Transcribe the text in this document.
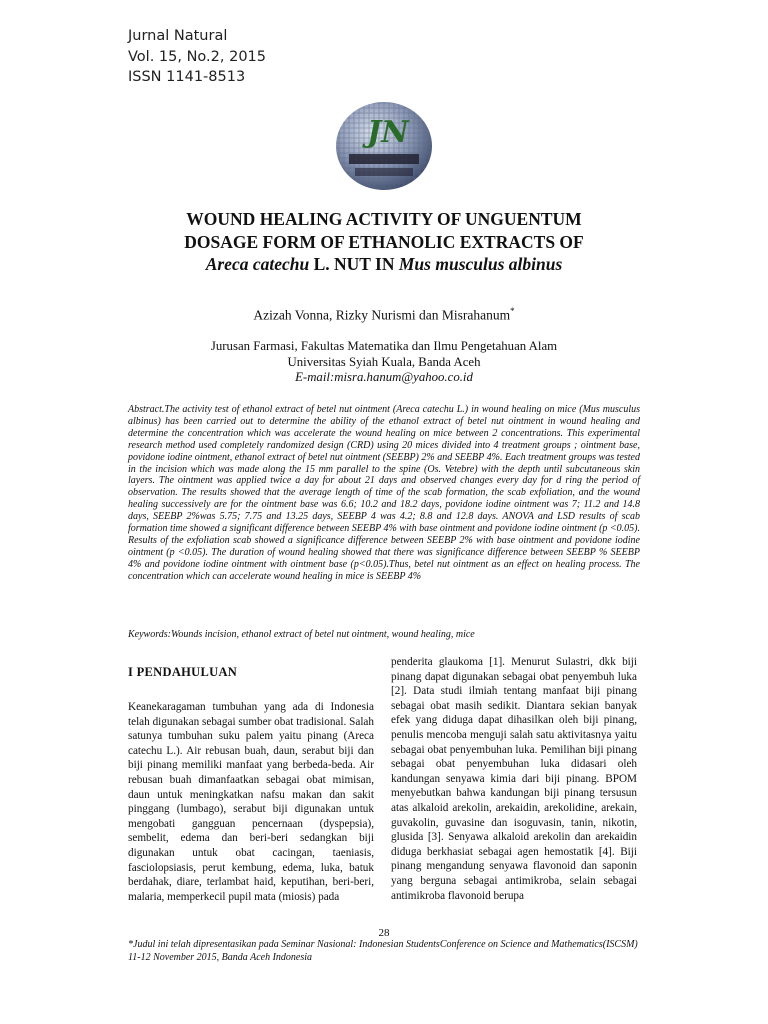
Jurnal Natural
Vol. 15, No.2, 2015
ISSN 1141-8513
JN
WOUND HEALING ACTIVITY OF UNGUENTUM
DOSAGE FORM OF ETHANOLIC EXTRACTS OF
Areca catechu L. NUT IN Mus musculus albinus
Azizah Vonna, Rizky Nurismi dan Misrahanum*
Jurusan Farmasi, Fakultas Matematika dan Ilmu Pengetahuan Alam
Universitas Syiah Kuala, Banda Aceh
E-mail:misra.hanum@yahoo.co.id
Abstract.The activity test of ethanol extract of betel nut ointment (Areca catechu L.) in wound healing on mice (Mus musculus albinus) has been carried out to determine the ability of the ethanol extract of betel nut ointment in wound healing and determine the concentration which was accelerate the wound healing on mice between 2 concentrations. This experimental research method used completely randomized design (CRD) using 20 mices divided into 4 treatment groups ; ointment base, povidone iodine ointment, ethanol extract of betel nut ointment (SEEBP) 2% and SEEBP 4%. Each treatment groups was tested in the incision which was made along the 15 mm parallel to the spine (Os. Vetebre) with the depth until subcutaneous skin layers. The ointment was applied twice a day for about 21 days and observed changes every day for d ring the period of observation. The results showed that the average length of time of the scab formation, the scab exfoliation, and the wound healing successively are for the ointment base was 6.6; 10.2 and 18.2 days, povidone iodine ointment was 7; 11.2 and 14.8 days, SEEBP 2%was 5.75; 7.75 and 13.25 days, SEEBP 4 was 4.2; 8.8 and 12.8 days. ANOVA and LSD results of scab formation time showed a significant difference between SEEBP 4% with base ointment and povidone iodine ointment (p <0.05). Results of the exfoliation scab showed a significance difference between SEEBP 2% with base ointment and povidone iodine ointment (p <0.05). The duration of wound healing showed that there was significance difference between SEEBP % SEEBP 4% and povidone iodine ointment with ointment base (p<0.05).Thus, betel nut ointment as an effect on healing process. The concentration which can accelerate wound healing in mice is SEEBP 4%
Keywords:Wounds incision, ethanol extract of betel nut ointment, wound healing, mice
I PENDAHULUAN

Keanekaragaman tumbuhan yang ada di Indonesia telah digunakan sebagai sumber obat tradisional. Salah satunya tumbuhan suku palem yaitu pinang (Areca catechu L.). Air rebusan buah, daun, serabut biji dan biji pinang memiliki manfaat yang berbeda-beda. Air rebusan buah dimanfaatkan sebagai obat mimisan, daun untuk meningkatkan nafsu makan dan sakit pinggang (lumbago), serabut biji digunakan untuk mengobati gangguan pencernaan (dyspepsia), sembelit, edema dan beri-beri sedangkan biji digunakan untuk obat cacingan, taeniasis, fasciolopsiasis, perut kembung, edema, luka, batuk berdahak, diare, terlambat haid, keputihan, beri-beri, malaria, memperkecil pupil mata (miosis) pada

penderita glaukoma [1]. Menurut Sulastri, dkk biji pinang dapat digunakan sebagai obat penyembuh luka [2]. Data studi ilmiah tentang manfaat biji pinang sebagai obat masih sedikit. Diantara sekian banyak efek yang diduga dapat dihasilkan oleh biji pinang, penulis mencoba menguji salah satu aktivitasnya yaitu sebagai obat penyembuhan luka. Pemilihan biji pinang sebagai obat penyembuhan luka didasari oleh kandungan senyawa kimia dari biji pinang. BPOM menyebutkan bahwa kandungan biji pinang tersusun atas alkaloid arekolin, arekaidin, arekolidine, arekain, guvakolin, guvasine dan isoguvasin, tanin, nikotin, glusida [3]. Senyawa alkaloid arekolin dan arekaidin diduga berkhasiat sebagai agen hemostatik [4]. Biji pinang mengandung senyawa flavonoid dan saponin yang berguna sebagai antimikroba, selain sebagai antimikroba flavonoid berupa

28
*Judul ini telah dipresentasikan pada Seminar Nasional: Indonesian StudentsConference on Science and Mathematics(ISCSM) 11-12 November 2015, Banda Aceh Indonesia
